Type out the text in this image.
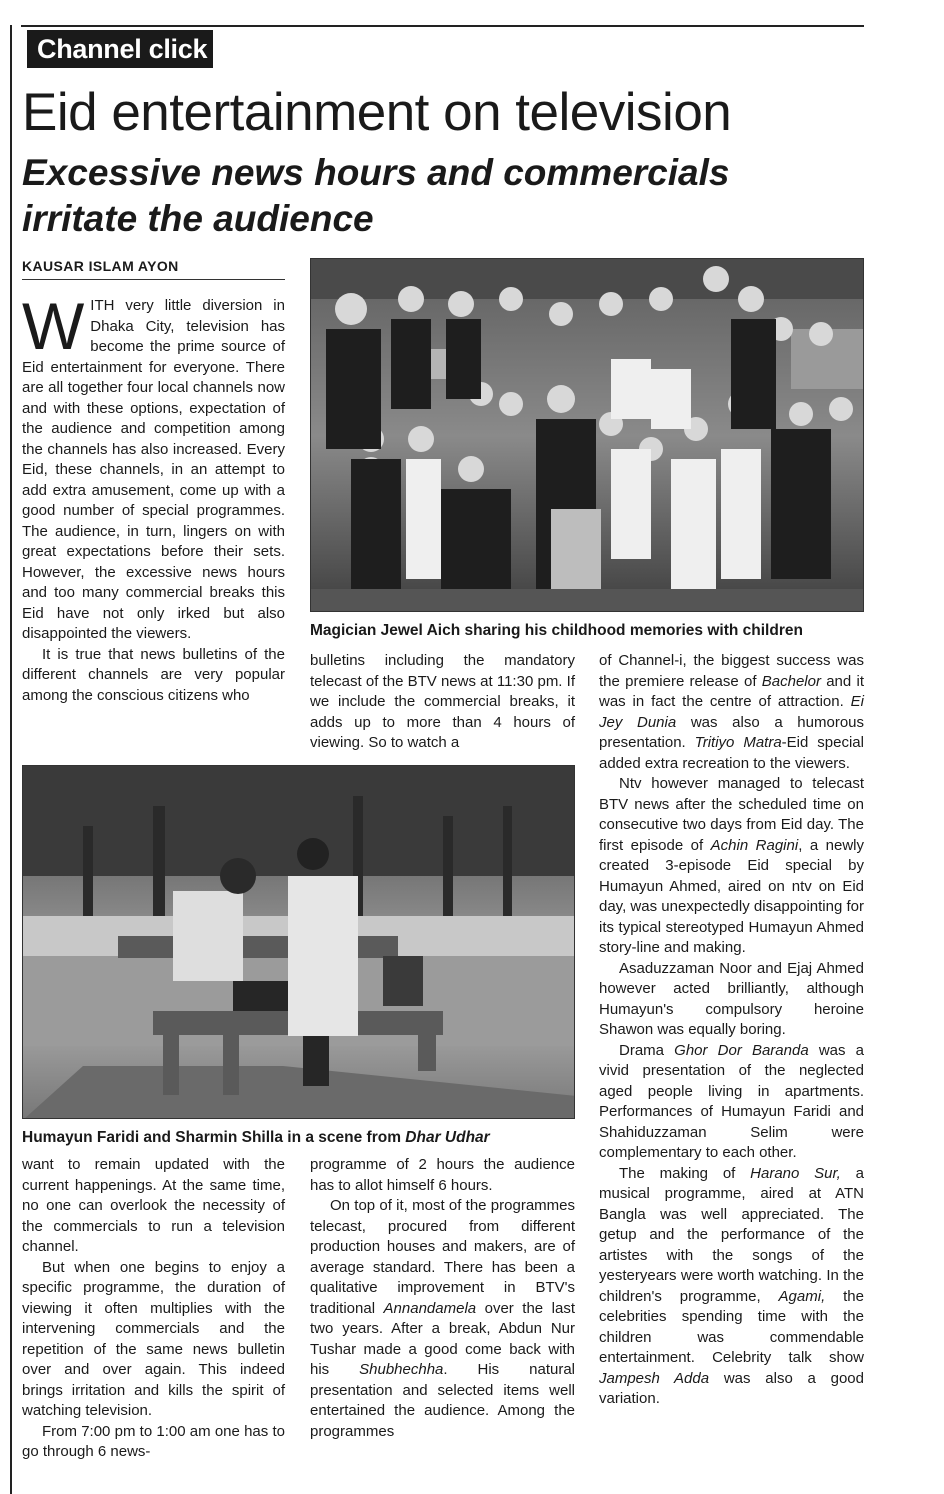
Channel click
Eid entertainment on television
Excessive news hours and commercials irritate the audience
KAUSAR ISLAM AYON

WITH very little diversion in Dhaka City, television has become the prime source of Eid entertainment for everyone. There are all together four local channels now and with these options, expectation of the audience and competition among the channels has also increased. Every Eid, these channels, in an attempt to add extra amusement, come up with a good number of special programmes. The audience, in turn, lingers on with great expectations before their sets. However, the excessive news hours and too many commercial breaks this Eid have not only irked but also disappointed the viewers.

It is true that news bulletins of the different channels are very popular among the conscious citizens who

Magician Jewel Aich sharing his childhood memories with children

bulletins including the mandatory telecast of the BTV news at 11:30 pm. If we include the commercial breaks, it adds up to more than 4 hours of viewing. So to watch a

Humayun Faridi and Sharmin Shilla in a scene from Dhar Udhar

want to remain updated with the current happenings. At the same time, no one can overlook the necessity of the commercials to run a television channel.

But when one begins to enjoy a specific programme, the duration of viewing it often multiplies with the intervening commercials and the repetition of the same news bulletin over and over again. This indeed brings irritation and kills the spirit of watching television.

From 7:00 pm to 1:00 am one has to go through 6 news-

programme of 2 hours the audience has to allot himself 6 hours.

On top of it, most of the programmes telecast, procured from different production houses and makers, are of average standard. There has been a qualitative improvement in BTV's traditional Annandamela over the last two years. After a break, Abdun Nur Tushar made a good come back with his Shubhechha. His natural presentation and selected items well entertained the audience. Among the programmes

of Channel-i, the biggest success was the premiere release of Bachelor and it was in fact the centre of attraction. Ei Jey Dunia was also a humorous presentation. Tritiyo Matra-Eid special added extra recreation to the viewers.

Ntv however managed to telecast BTV news after the scheduled time on consecutive two days from Eid day. The first episode of Achin Ragini, a newly created 3-episode Eid special by Humayun Ahmed, aired on ntv on Eid day, was unexpectedly disappointing for its typical stereotyped Humayun Ahmed story-line and making.

Asaduzzaman Noor and Ejaj Ahmed however acted brilliantly, although Humayun's compulsory heroine Shawon was equally boring.

Drama Ghor Dor Baranda was a vivid presentation of the neglected aged people living in apartments. Performances of Humayun Faridi and Shahiduzzaman Selim were complementary to each other.

The making of Harano Sur, a musical programme, aired at ATN Bangla was well appreciated. The getup and the performance of the artistes with the songs of the yesteryears were worth watching. In the children's programme, Agami, the celebrities spending time with the children was commendable entertainment. Celebrity talk show Jampesh Adda was also a good variation.
